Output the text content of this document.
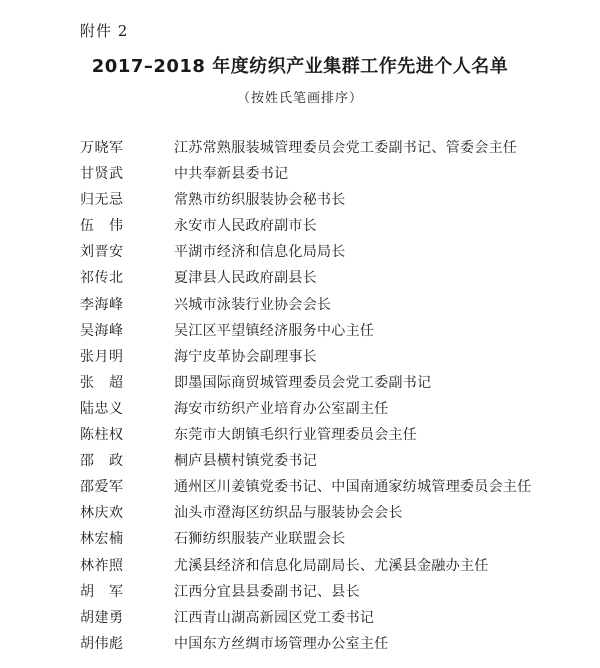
附件 2
2017–2018 年度纺织产业集群工作先进个人名单
（按姓氏笔画排序）
万晓军	江苏常熟服装城管理委员会党工委副书记、管委会主任
甘贤武	中共奉新县委书记
归无忌	常熟市纺织服装协会秘书长
伍　伟	永安市人民政府副市长
刘晋安	平湖市经济和信息化局局长
祁传北	夏津县人民政府副县长
李海峰	兴城市泳装行业协会会长
吴海峰	吴江区平望镇经济服务中心主任
张月明	海宁皮革协会副理事长
张　超	即墨国际商贸城管理委员会党工委副书记
陆忠义	海安市纺织产业培育办公室副主任
陈柱权	东莞市大朗镇毛织行业管理委员会主任
邵　政	桐庐县横村镇党委书记
邵爱军	通州区川姜镇党委书记、中国南通家纺城管理委员会主任
林庆欢	汕头市澄海区纺织品与服装协会会长
林宏楠	石狮纺织服装产业联盟会长
林祚照	尤溪县经济和信息化局副局长、尤溪县金融办主任
胡　军	江西分宜县县委副书记、县长
胡建勇	江西青山湖高新园区党工委书记
胡伟彪	中国东方丝绸市场管理办公室主任
